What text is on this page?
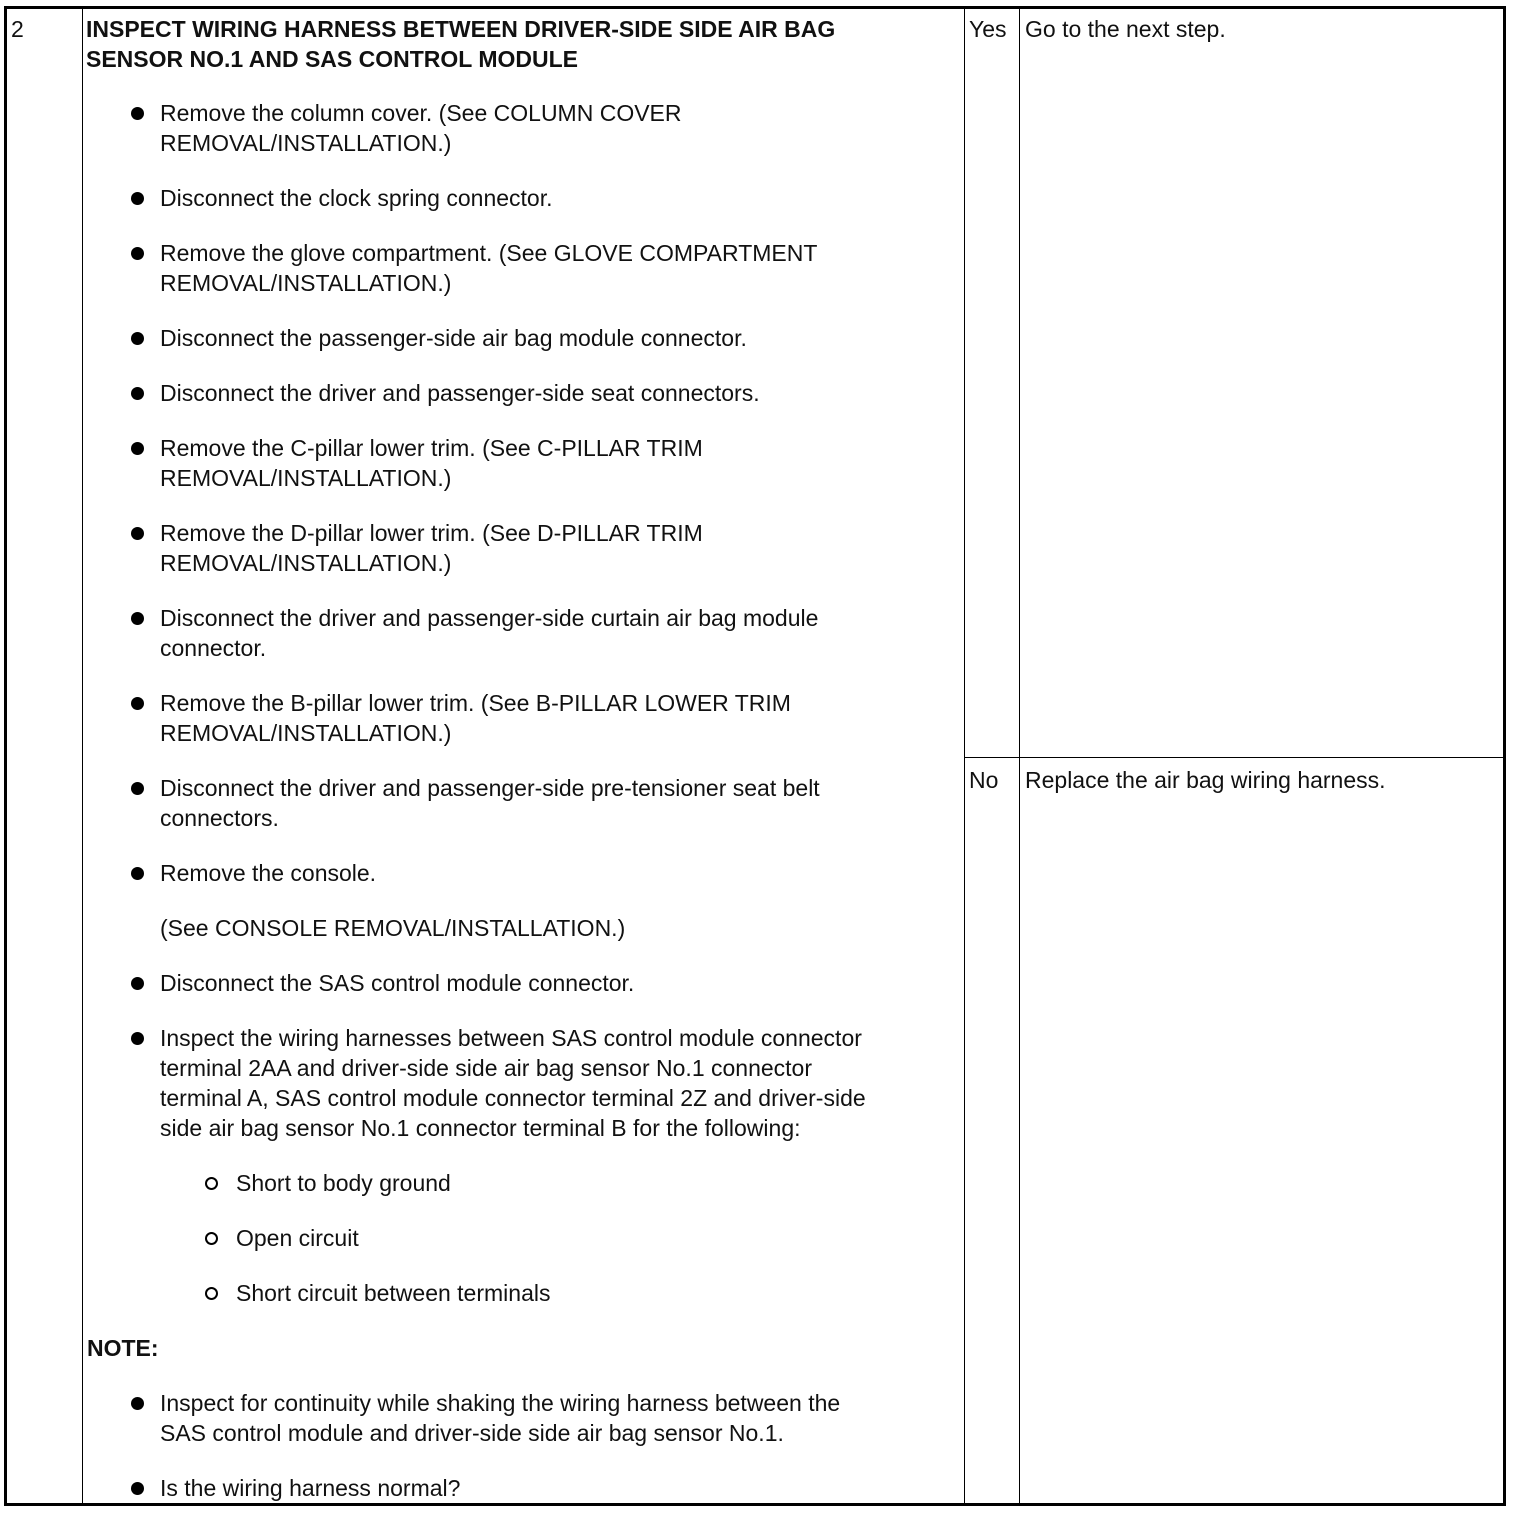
2	INSPECT WIRING HARNESS BETWEEN DRIVER-SIDE SIDE AIR BAG
SENSOR NO.1 AND SAS CONTROL MODULE
Remove the column cover. (See COLUMN COVER
REMOVAL/INSTALLATION.)
Disconnect the clock spring connector.
Remove the glove compartment. (See GLOVE COMPARTMENT
REMOVAL/INSTALLATION.)
Disconnect the passenger-side air bag module connector.
Disconnect the driver and passenger-side seat connectors.
Remove the C-pillar lower trim. (See C-PILLAR TRIM
REMOVAL/INSTALLATION.)
Remove the D-pillar lower trim. (See D-PILLAR TRIM
REMOVAL/INSTALLATION.)
Disconnect the driver and passenger-side curtain air bag module
connector.
Remove the B-pillar lower trim. (See B-PILLAR LOWER TRIM
REMOVAL/INSTALLATION.)
Disconnect the driver and passenger-side pre-tensioner seat belt
connectors.
Remove the console.
(See CONSOLE REMOVAL/INSTALLATION.)
Disconnect the SAS control module connector.
Inspect the wiring harnesses between SAS control module connector
terminal 2AA and driver-side side air bag sensor No.1 connector
terminal A, SAS control module connector terminal 2Z and driver-side
side air bag sensor No.1 connector terminal B for the following:
Short to body ground
Open circuit
Short circuit between terminals
NOTE:
Inspect for continuity while shaking the wiring harness between the
SAS control module and driver-side side air bag sensor No.1.
Is the wiring harness normal?
Yes Go to the next step.
No Replace the air bag wiring harness.
